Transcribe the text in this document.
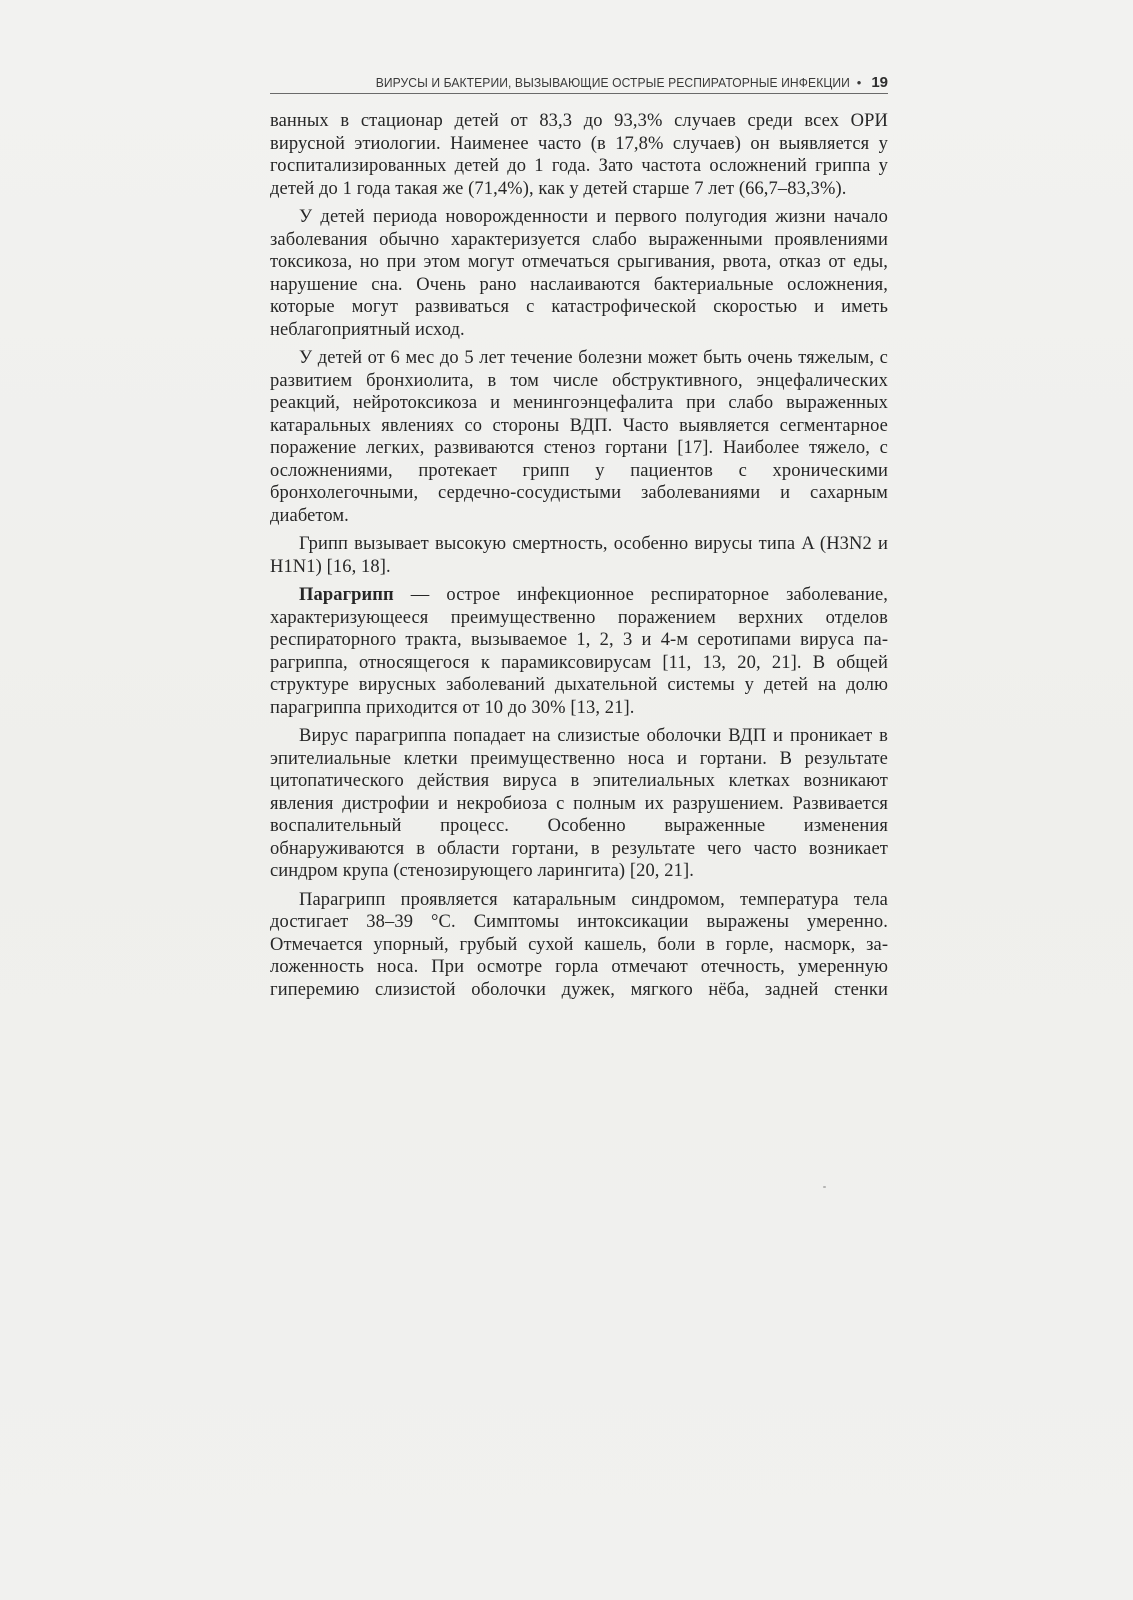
ВИРУСЫ И БАКТЕРИИ, ВЫЗЫВАЮЩИЕ ОСТРЫЕ РЕСПИРАТОРНЫЕ ИНФЕКЦИИ • 19

ванных в стационар детей от 83,3 до 93,3% случаев среди всех ОРИ вирусной этиологии. Наименее часто (в 17,8% случаев) он выявляется у госпитализированных детей до 1 года. Зато частота осложнений гриппа у детей до 1 года такая же (71,4%), как у детей старше 7 лет (66,7–83,3%).

У детей периода новорожденности и первого полугодия жизни начало заболевания обычно характеризуется слабо выраженными проявлениями токсикоза, но при этом могут отмечаться срыгивания, рвота, отказ от еды, нарушение сна. Очень рано наслаиваются бактериальные осложнения, которые могут развиваться с катастрофической скоростью и иметь неблагоприятный исход.

У детей от 6 мес до 5 лет течение болезни может быть очень тяжелым, с развитием бронхиолита, в том числе обструктивного, энцефалических реакций, нейротоксикоза и менингоэнцефалита при слабо выраженных катаральных явлениях со стороны ВДП. Часто выявляется сегментарное поражение легких, развиваются стеноз гортани [17]. Наиболее тяжело, с осложнениями, протекает грипп у пациентов с хроническими бронхолегочными, сердечно-сосудистыми заболеваниями и сахарным диабетом.

Грипп вызывает высокую смертность, особенно вирусы типа A (H3N2 и H1N1) [16, 18].

Парагрипп — острое инфекционное респираторное заболевание, характеризующееся преимущественно поражением верхних отделов респираторного тракта, вызываемое 1, 2, 3 и 4-м серотипами вируса парагриппа, относящегося к парамиксовирусам [11, 13, 20, 21]. В общей структуре вирусных заболеваний дыхательной системы у детей на долю парагриппа приходится от 10 до 30% [13, 21].

Вирус парагриппа попадает на слизистые оболочки ВДП и проникает в эпителиальные клетки преимущественно носа и гортани. В результате цитопатического действия вируса в эпителиальных клетках возникают явления дистрофии и некробиоза с полным их разрушением. Развивается воспалительный процесс. Особенно выраженные изменения обнаруживаются в области гортани, в результате чего часто возникает синдром крупа (стенозирующего ларингита) [20, 21].

Парагрипп проявляется катаральным синдромом, температура тела достигает 38–39 °С. Симптомы интоксикации выражены умеренно. Отмечается упорный, грубый сухой кашель, боли в горле, насморк, заложенность носа. При осмотре горла отмечают отечность, умеренную гиперемию слизистой оболочки дужек, мягкого нёба, задней стенки
